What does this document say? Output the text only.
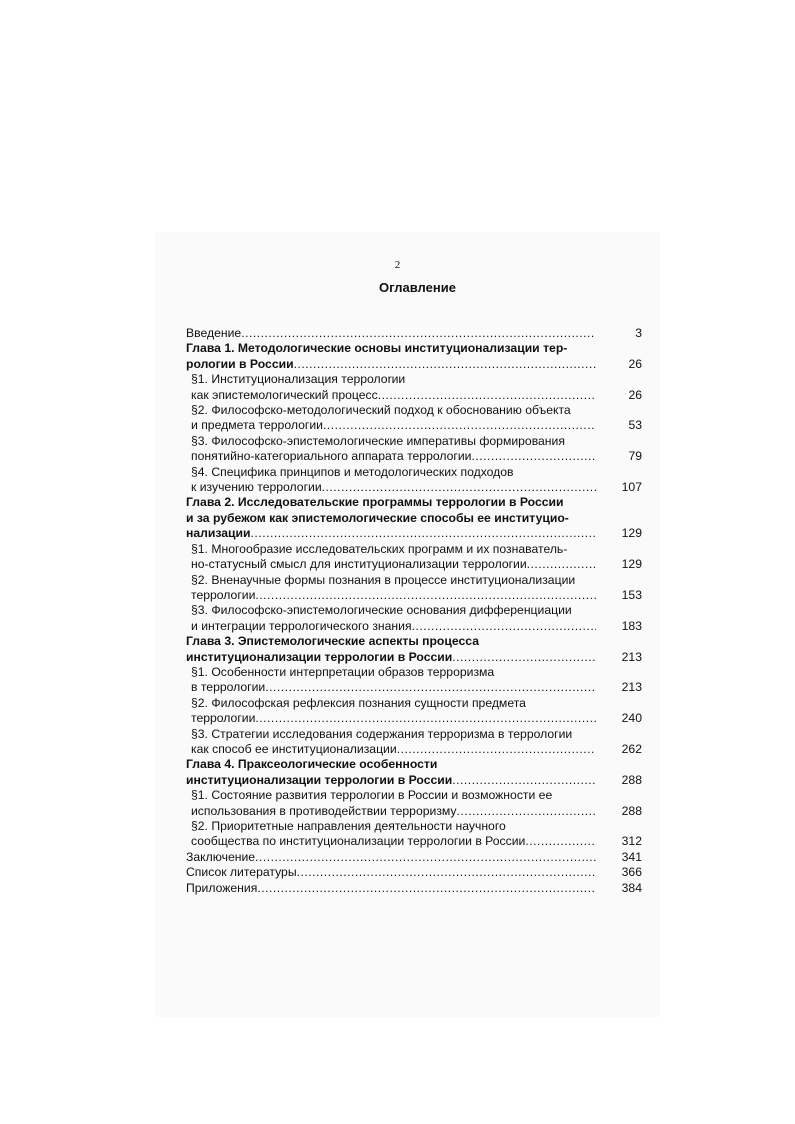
2
Оглавление
Введение .....	3
Глава 1. Методологические основы институционализации тер-
рологии в России .....	26
§1. Институционализация терролоrии
как эпистемологический процесс .....	26
§2. Философско-методологический подход к обоснованию объекта
и предмета террологии .....	53
§3. Философско-эпистемологические императивы формирования
понятийно-категориального аппарата террологии .....	79
§4. Специфика принципов и методологических подходов
к изучению террологии .....	107
Глава 2. Исследовательские программы террологии в России
и за рубежом как эпистемологические способы ее институцио-
нализации .....	129
§1. Многообразие исследовательских программ и их познаватель-
но-статусный смысл для институционализации террологии .....	129
§2. Вненаучные формы познания в процессе институционализации
террологии .....	153
§3. Философско-эпистемологические основания дифференциации
и интеграции террологического знания .....	183
Глава 3. Эпистемологические аспекты процесса
институционализации террологии в России .....	213
§1. Особенности интерпретации образов терроризма
в террологии .....	213
§2. Философская рефлексия познания сущности предмета
террологии .....	240
§3. Стратегии исследования содержания терроризма в террологии
как способ ее институционализации .....	262
Глава 4. Праксеологические особенности
институционализации террологии в России .....	288
§1. Состояние развития террологии в России и возможности ее
использования в противодействии терроризму .....	288
§2. Приоритетные направления деятельности научного
сообщества по институционализации террологии в России .....	312
Заключение .....	341
Список литературы .....	366
Приложения .....	384
